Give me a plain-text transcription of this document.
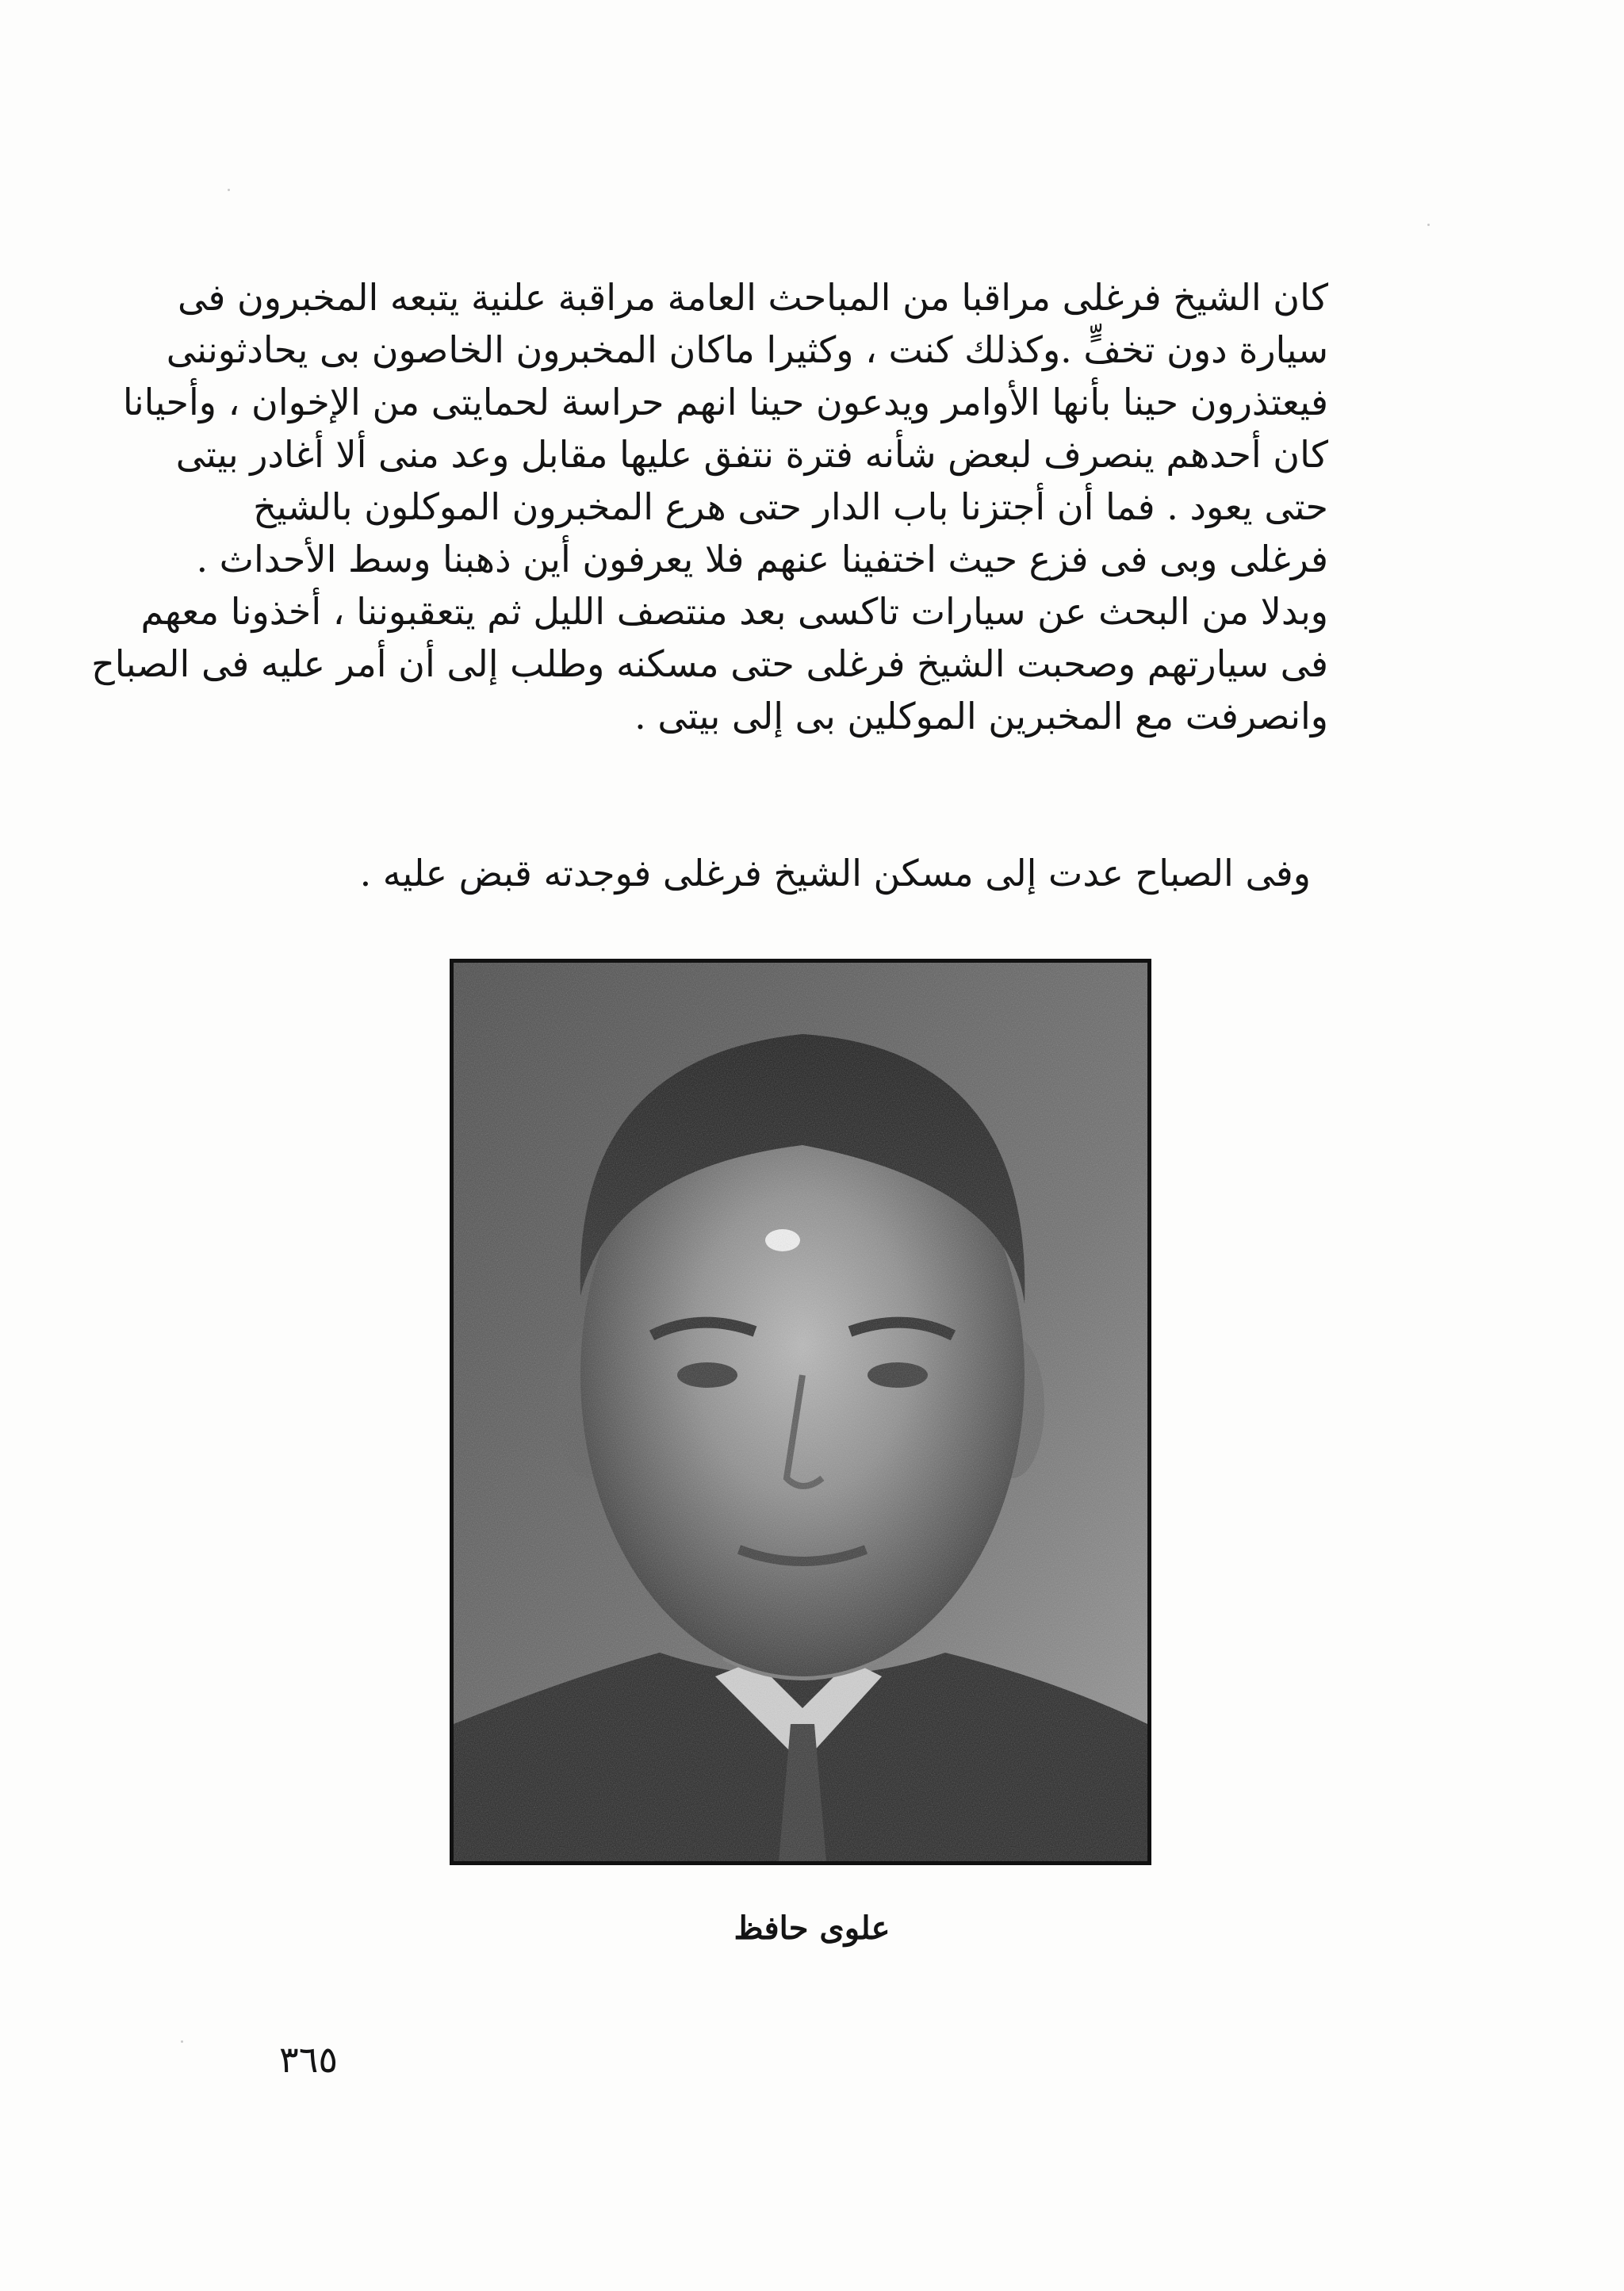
كان الشيخ فرغلى مراقبا من المباحث العامة مراقبة علنية يتبعه المخبرون فى
سيارة دون تخفٍّ .وكذلك كنت ، وكثيرا ماكان المخبرون الخاصون بى يحادثوننى
فيعتذرون حينا بأنها الأوامر ويدعون حينا انهم حراسة لحمايتى من الإخوان ، وأحيانا
كان أحدهم ينصرف لبعض شأنه فترة نتفق عليها مقابل وعد منى ألا أغادر بيتى
حتى يعود . فما أن أجتزنا باب الدار حتى هرع المخبرون الموكلون بالشيخ
فرغلى وبى فى فزع حيث اختفينا عنهم فلا يعرفون أين ذهبنا وسط الأحداث .
وبدلا من البحث عن سيارات تاكسى بعد منتصف الليل ثم يتعقبوننا ، أخذونا معهم
فى سيارتهم وصحبت الشيخ فرغلى حتى مسكنه وطلب إلى أن أمر عليه فى الصباح
وانصرفت مع المخبرين الموكلين بى إلى بيتى .
وفى الصباح عدت إلى مسكن الشيخ فرغلى فوجدته قبض عليه .
علوى حافظ
٣٦٥
